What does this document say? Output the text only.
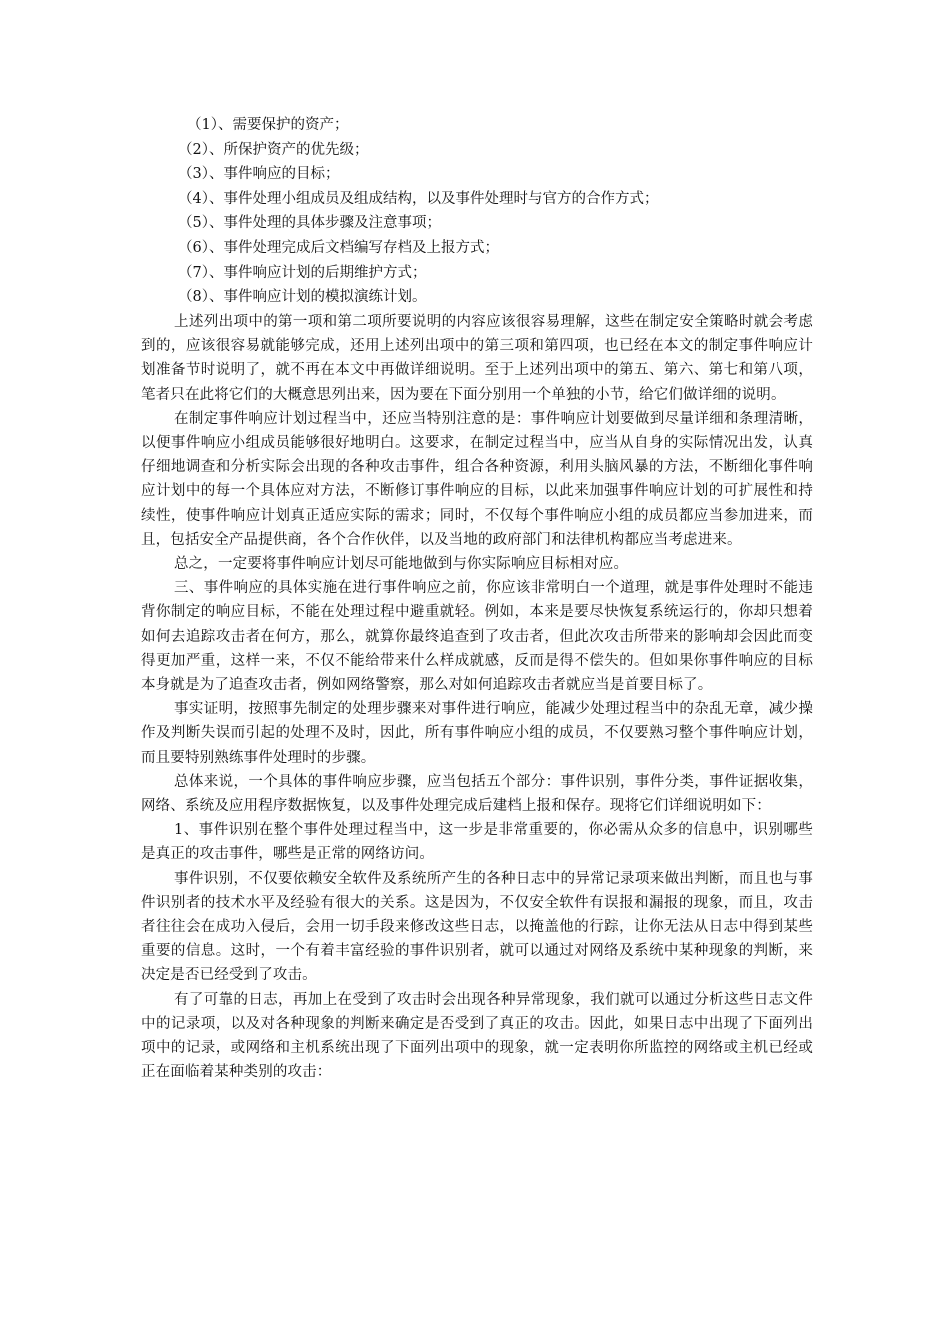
（1）、需要保护的资产；
（2）、所保护资产的优先级；
（3）、事件响应的目标；
（4）、事件处理小组成员及组成结构，以及事件处理时与官方的合作方式；
（5）、事件处理的具体步骤及注意事项；
（6）、事件处理完成后文档编写存档及上报方式；
（7）、事件响应计划的后期维护方式；
（8）、事件响应计划的模拟演练计划。

上述列出项中的第一项和第二项所要说明的内容应该很容易理解，这些在制定安全策略时就会考虑到的，应该很容易就能够完成，还用上述列出项中的第三项和第四项，也已经在本文的制定事件响应计划准备节时说明了，就不再在本文中再做详细说明。至于上述列出项中的第五、第六、第七和第八项，笔者只在此将它们的大概意思列出来，因为要在下面分别用一个单独的小节，给它们做详细的说明。

在制定事件响应计划过程当中，还应当特别注意的是：事件响应计划要做到尽量详细和条理清晰，以便事件响应小组成员能够很好地明白。这要求，在制定过程当中，应当从自身的实际情况出发，认真仔细地调查和分析实际会出现的各种攻击事件，组合各种资源，利用头脑风暴的方法，不断细化事件响应计划中的每一个具体应对方法，不断修订事件响应的目标，以此来加强事件响应计划的可扩展性和持续性，使事件响应计划真正适应实际的需求；同时，不仅每个事件响应小组的成员都应当参加进来，而且，包括安全产品提供商，各个合作伙伴，以及当地的政府部门和法律机构都应当考虑进来。

总之，一定要将事件响应计划尽可能地做到与你实际响应目标相对应。

三、事件响应的具体实施在进行事件响应之前，你应该非常明白一个道理，就是事件处理时不能违背你制定的响应目标，不能在处理过程中避重就轻。例如，本来是要尽快恢复系统运行的，你却只想着如何去追踪攻击者在何方，那么，就算你最终追查到了攻击者，但此次攻击所带来的影响却会因此而变得更加严重，这样一来，不仅不能给带来什么样成就感，反而是得不偿失的。但如果你事件响应的目标本身就是为了追查攻击者，例如网络警察，那么对如何追踪攻击者就应当是首要目标了。

事实证明，按照事先制定的处理步骤来对事件进行响应，能减少处理过程当中的杂乱无章，减少操作及判断失误而引起的处理不及时，因此，所有事件响应小组的成员，不仅要熟习整个事件响应计划，而且要特别熟练事件处理时的步骤。

总体来说，一个具体的事件响应步骤，应当包括五个部分：事件识别，事件分类，事件证据收集，网络、系统及应用程序数据恢复，以及事件处理完成后建档上报和保存。现将它们详细说明如下：

1、事件识别在整个事件处理过程当中，这一步是非常重要的，你必需从众多的信息中，识别哪些是真正的攻击事件，哪些是正常的网络访问。

事件识别，不仅要依赖安全软件及系统所产生的各种日志中的异常记录项来做出判断，而且也与事件识别者的技术水平及经验有很大的关系。这是因为，不仅安全软件有误报和漏报的现象，而且，攻击者往往会在成功入侵后，会用一切手段来修改这些日志，以掩盖他的行踪，让你无法从日志中得到某些重要的信息。这时，一个有着丰富经验的事件识别者，就可以通过对网络及系统中某种现象的判断，来决定是否已经受到了攻击。

有了可靠的日志，再加上在受到了攻击时会出现各种异常现象，我们就可以通过分析这些日志文件中的记录项，以及对各种现象的判断来确定是否受到了真正的攻击。因此，如果日志中出现了下面列出项中的记录，或网络和主机系统出现了下面列出项中的现象，就一定表明你所监控的网络或主机已经或正在面临着某种类别的攻击：
